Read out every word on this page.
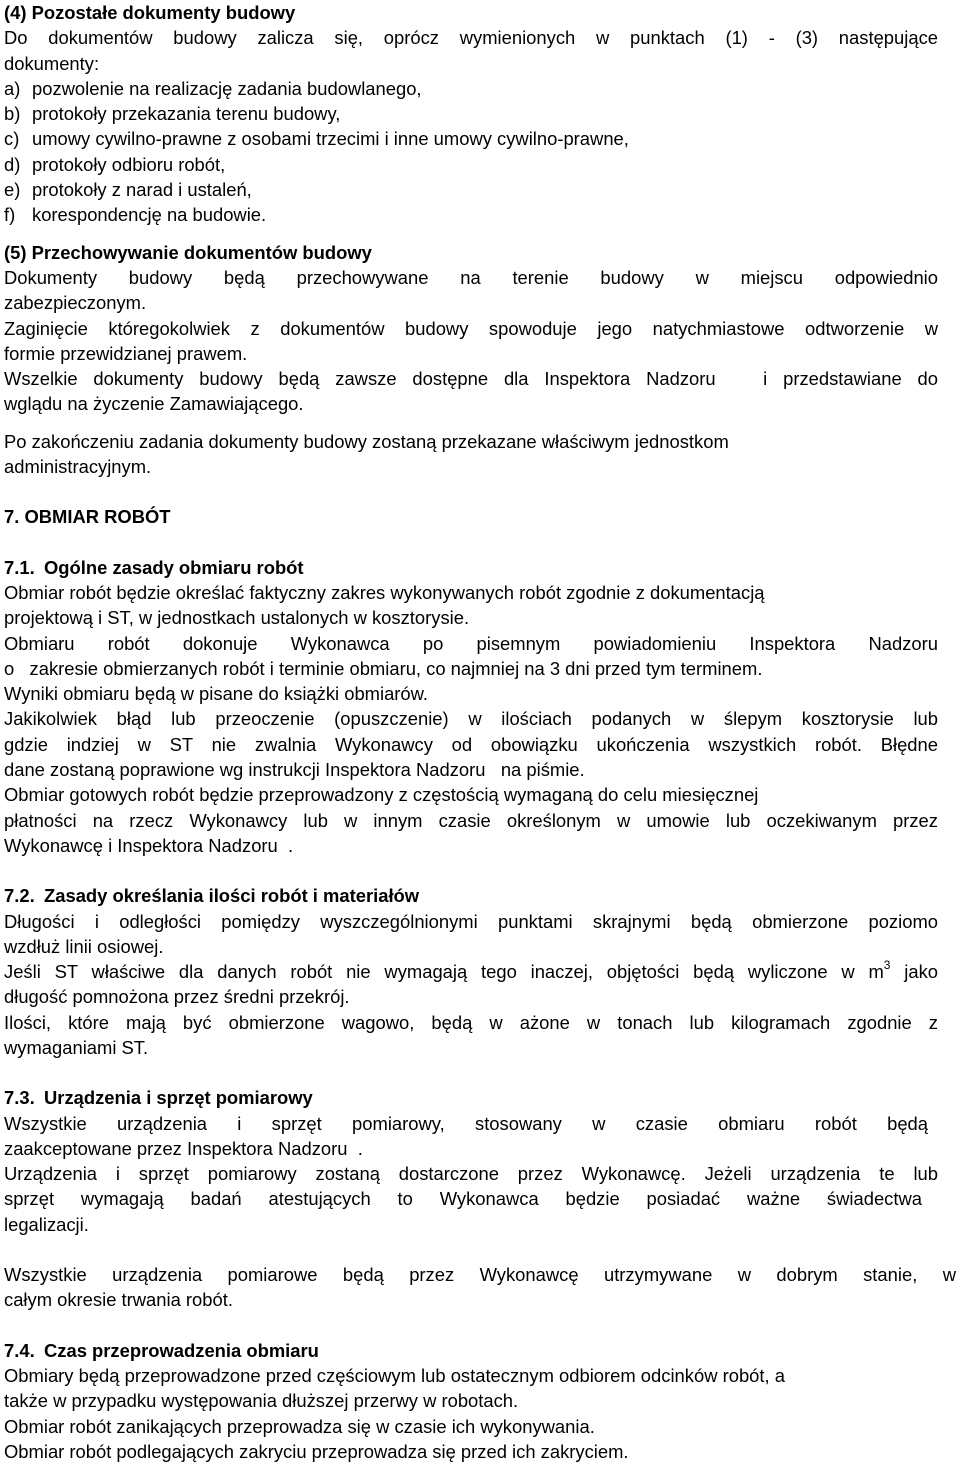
(4) Pozostałe dokumenty budowy

Do dokumentów budowy zalicza się, oprócz wymienionych w punktach (1) - (3) następujące

dokumenty:

a) pozwolenie na realizację zadania budowlanego,

b) protokoły przekazania terenu budowy,

c) umowy cywilno-prawne z osobami trzecimi i inne umowy cywilno-prawne,

d) protokoły odbioru robót,

e) protokoły z narad i ustaleń,

f) korespondencję na budowie.

(5) Przechowywanie dokumentów budowy

Dokumenty budowy będą przechowywane na terenie budowy w miejscu odpowiednio

zabezpieczonym.

Zaginięcie któregokolwiek z dokumentów budowy spowoduje jego natychmiastowe odtworzenie w

formie przewidzianej prawem.

Wszelkie dokumenty budowy będą zawsze dostępne dla Inspektora Nadzoru   i przedstawiane do

wglądu na życzenie Zamawiającego.

Po zakończeniu zadania dokumenty budowy zostaną przekazane właściwym jednostkom

administracyjnym.

7. OBMIAR ROBÓT

7.1. Ogólne zasady obmiaru robót

Obmiar robót będzie określać faktyczny zakres wykonywanych robót zgodnie z dokumentacją

projektową i ST, w jednostkach ustalonych w kosztorysie.

Obmiaru robót dokonuje Wykonawca po pisemnym powiadomieniu Inspektora Nadzoru

o   zakresie obmierzanych robót i terminie obmiaru, co najmniej na 3 dni przed tym terminem.

Wyniki obmiaru będą w pisane do książki obmiarów.

Jakikolwiek błąd lub przeoczenie (opuszczenie) w ilościach podanych w ślepym kosztorysie lub

gdzie indziej w ST nie zwalnia Wykonawcy od obowiązku ukończenia wszystkich robót. Błędne

dane zostaną poprawione wg instrukcji Inspektora Nadzoru   na piśmie.

Obmiar gotowych robót będzie przeprowadzony z częstością wymaganą do celu miesięcznej

płatności na rzecz Wykonawcy lub w innym czasie określonym w umowie lub oczekiwanym przez

Wykonawcę i Inspektora Nadzoru  .

7.2. Zasady określania ilości robót i materiałów

Długości i odległości pomiędzy wyszczególnionymi punktami skrajnymi będą obmierzone poziomo

wzdłuż linii osiowej.

Jeśli ST właściwe dla danych robót nie wymagają tego inaczej, objętości będą wyliczone w $m^3$ jako

długość pomnożona przez średni przekrój.

Ilości, które mają być obmierzone wagowo, będą w ażone w tonach lub kilogramach zgodnie z

wymaganiami ST.

7.3. Urządzenia i sprzęt pomiarowy

Wszystkie urządzenia i sprzęt pomiarowy, stosowany w czasie obmiaru robót będą

zaakceptowane przez Inspektora Nadzoru  .

Urządzenia i sprzęt pomiarowy zostaną dostarczone przez Wykonawcę. Jeżeli urządzenia te lub

sprzęt wymagają badań atestujących to Wykonawca będzie posiadać ważne świadectwa

legalizacji.

Wszystkie urządzenia pomiarowe będą przez Wykonawcę utrzymywane w dobrym stanie, w

całym okresie trwania robót.

7.4. Czas przeprowadzenia obmiaru

Obmiary będą przeprowadzone przed częściowym lub ostatecznym odbiorem odcinków robót, a

także w przypadku występowania dłuższej przerwy w robotach.

Obmiar robót zanikających przeprowadza się w czasie ich wykonywania.

Obmiar robót podlegających zakryciu przeprowadza się przed ich zakryciem.
